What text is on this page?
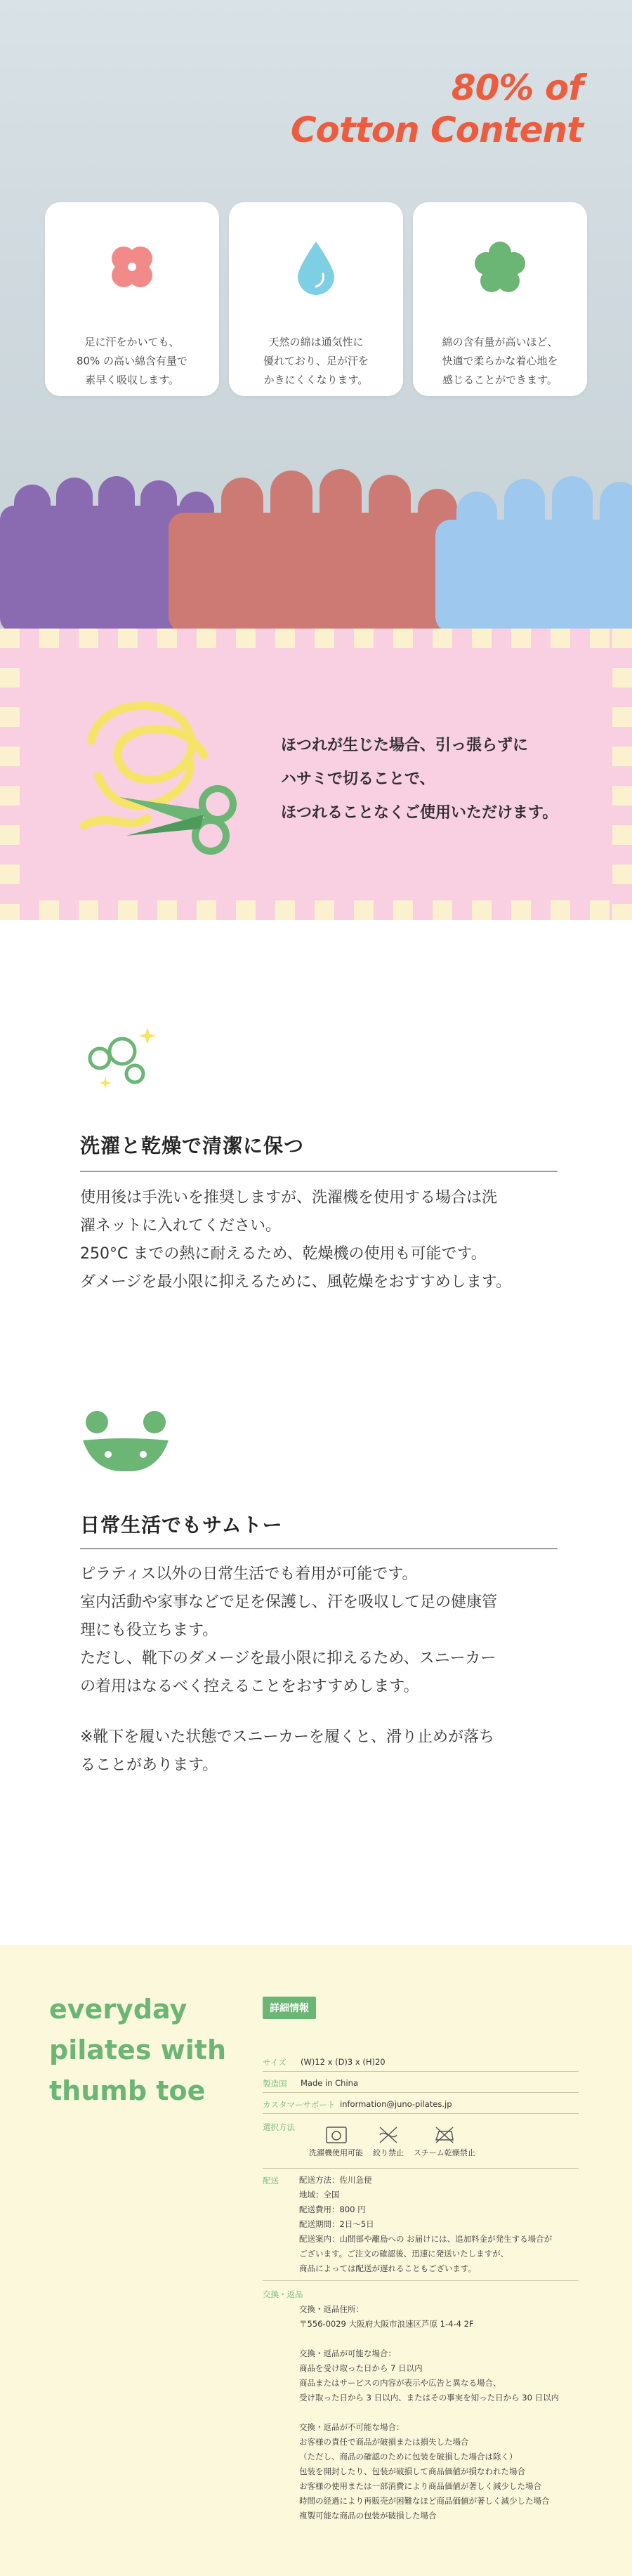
80% of
Cotton Content
足に汗をかいても、
80% の高い綿含有量で
素早く吸収します。
天然の綿は通気性に
優れており、足が汗を
かきにくくなります。
綿の含有量が高いほど、
快適で柔らかな着心地を
感じることができます。
ほつれが生じた場合、引っ張らずに
ハサミで切ることで、
ほつれることなくご使用いただけます。
洗濯と乾燥で清潔に保つ
使用後は手洗いを推奨しますが、洗濯機を使用する場合は洗
濯ネットに入れてください。
250°C までの熱に耐えるため、乾燥機の使用も可能です。
ダメージを最小限に抑えるために、風乾燥をおすすめします。
日常生活でもサムトー
ピラティス以外の日常生活でも着用が可能です。
室内活動や家事などで足を保護し、汗を吸収して足の健康管
理にも役立ちます。
ただし、靴下のダメージを最小限に抑えるため、スニーカー
の着用はなるべく控えることをおすすめします。
※靴下を履いた状態でスニーカーを履くと、滑り止めが落ち
ることがあります。
everyday
pilates with
thumb toe
詳細情報
サイズ (W)12 x (D)3 x (H)20
製造国 Made in China
カスタマーサポート information@juno-pilates.jp
選択方法
洗濯機使用可能 絞り禁止 スチーム乾燥禁止
配送	配送方法：佐川急便
地域：全国
配送費用：800 円
配送期間：2日〜5日
配送案内：山間部や離島への お届けには、追加料金が発生する場合が
ございます。ご注文の確認後、迅速に発送いたしますが、
商品によっては配送が遅れることもございます。
交換・返品
交換・返品住所：
〒556-0029 大阪府大阪市浪速区芦原 1-4-4 2F
交換・返品が可能な場合：
商品を受け取った日から 7 日以内
商品またはサービスの内容が表示や広告と異なる場合、
受け取った日から 3 日以内、またはその事実を知った日から 30 日以内
交換・返品が不可能な場合：
お客様の責任で商品が破損または損失した場合
（ただし、商品の確認のために包装を破損した場合は除く）
包装を開封したり、包装が破損して商品価値が損なわれた場合
お客様の使用または一部消費により商品価値が著しく減少した場合
時間の経過により再販売が困難なほど商品価値が著しく減少した場合
複製可能な商品の包装が破損した場合
